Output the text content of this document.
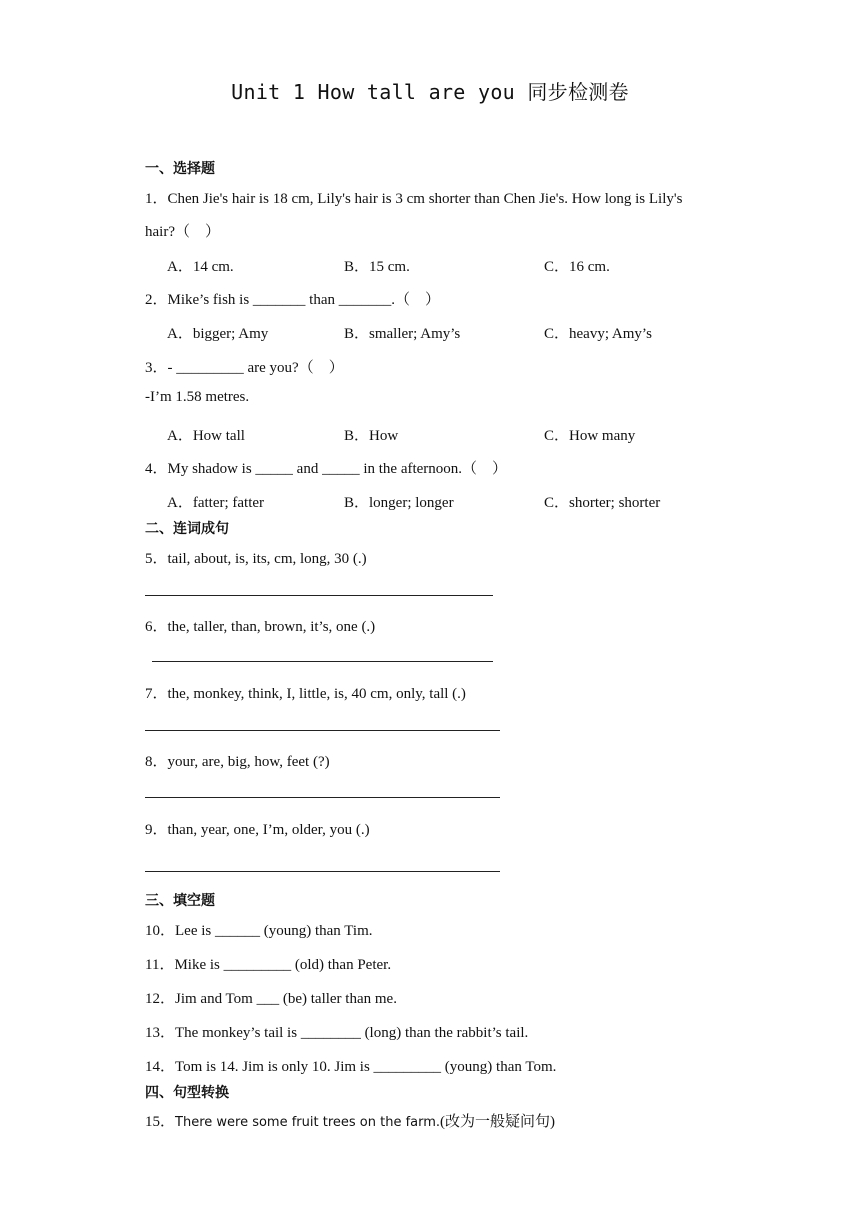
Unit 1 How tall are you 同步检测卷
一、选择题
1．Chen Jie's hair is 18 cm, Lily's hair is 3 cm shorter than Chen Jie's. How long is Lily's
hair?（　）
A．14 cm.	B．15 cm.	C．16 cm.
2．Mike’s fish is _______ than _______.（　）
A．bigger; Amy	B．smaller; Amy’s	C．heavy; Amy’s
3．- _________ are you?（　）
-I’m 1.58 metres.
A．How tall	B．How	C．How many
4．My shadow is _____ and _____ in the afternoon.（　）
A．fatter; fatter	B．longer; longer	C．shorter; shorter
二、连词成句
5．tail, about, is, its, cm, long, 30 (.)
6．the, taller, than, brown, it’s, one (.)
7．the, monkey, think, I, little, is, 40 cm, only, tall (.)
8．your, are, big, how, feet (?)
9．than, year, one, I’m, older, you (.)
三、填空题
10．Lee is ______ (young) than Tim.
11．Mike is _________ (old) than Peter.
12．Jim and Tom ___ (be) taller than me.
13．The monkey’s tail is ________ (long) than the rabbit’s tail.
14．Tom is 14. Jim is only 10. Jim is _________ (young) than Tom.
四、句型转换
15．There were some fruit trees on the farm.(改为一般疑问句)
